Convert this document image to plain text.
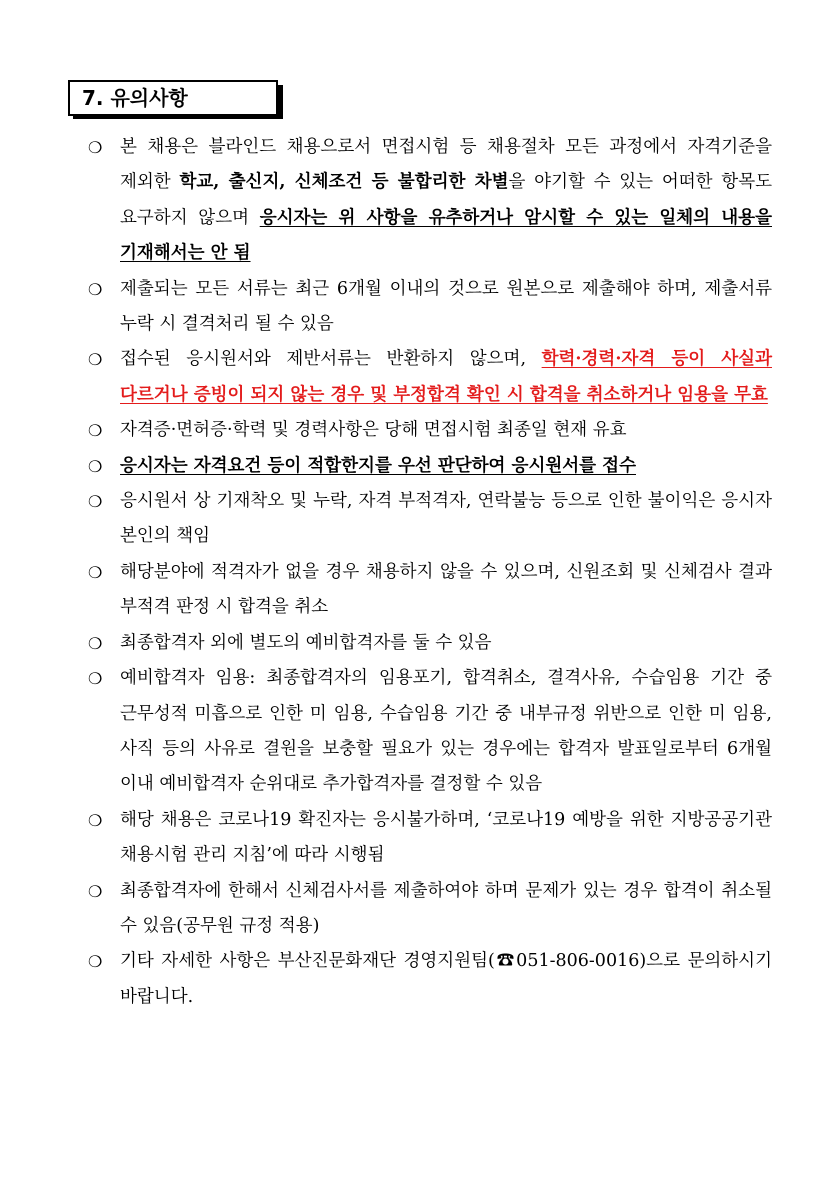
7. 유의사항
❍ 본 채용은 블라인드 채용으로서 면접시험 등 채용절차 모든 과정에서 자격기준을 제외한 학교, 출신지, 신체조건 등 불합리한 차별을 야기할 수 있는 어떠한 항목도 요구하지 않으며 응시자는 위 사항을 유추하거나 암시할 수 있는 일체의 내용을 기재해서는 안 됨
❍ 제출되는 모든 서류는 최근 6개월 이내의 것으로 원본으로 제출해야 하며, 제출서류 누락 시 결격처리 될 수 있음
❍ 접수된 응시원서와 제반서류는 반환하지 않으며, 학력·경력·자격 등이 사실과 다르거나 증빙이 되지 않는 경우 및 부정합격 확인 시 합격을 취소하거나 임용을 무효
❍ 자격증·면허증·학력 및 경력사항은 당해 면접시험 최종일 현재 유효
❍ 응시자는 자격요건 등이 적합한지를 우선 판단하여 응시원서를 접수
❍ 응시원서 상 기재착오 및 누락, 자격 부적격자, 연락불능 등으로 인한 불이익은 응시자 본인의 책임
❍ 해당분야에 적격자가 없을 경우 채용하지 않을 수 있으며, 신원조회 및 신체검사 결과 부적격 판정 시 합격을 취소
❍ 최종합격자 외에 별도의 예비합격자를 둘 수 있음
❍ 예비합격자 임용: 최종합격자의 임용포기, 합격취소, 결격사유, 수습임용 기간 중 근무성적 미흡으로 인한 미 임용, 수습임용 기간 중 내부규정 위반으로 인한 미 임용, 사직 등의 사유로 결원을 보충할 필요가 있는 경우에는 합격자 발표일로부터 6개월 이내 예비합격자 순위대로 추가합격자를 결정할 수 있음
❍ 해당 채용은 코로나19 확진자는 응시불가하며, ‘코로나19 예방을 위한 지방공공기관 채용시험 관리 지침’에 따라 시행됨
❍ 최종합격자에 한해서 신체검사서를 제출하여야 하며 문제가 있는 경우 합격이 취소될 수 있음(공무원 규정 적용)
❍ 기타 자세한 사항은 부산진문화재단 경영지원팀(☎051-806-0016)으로 문의하시기 바랍니다.
